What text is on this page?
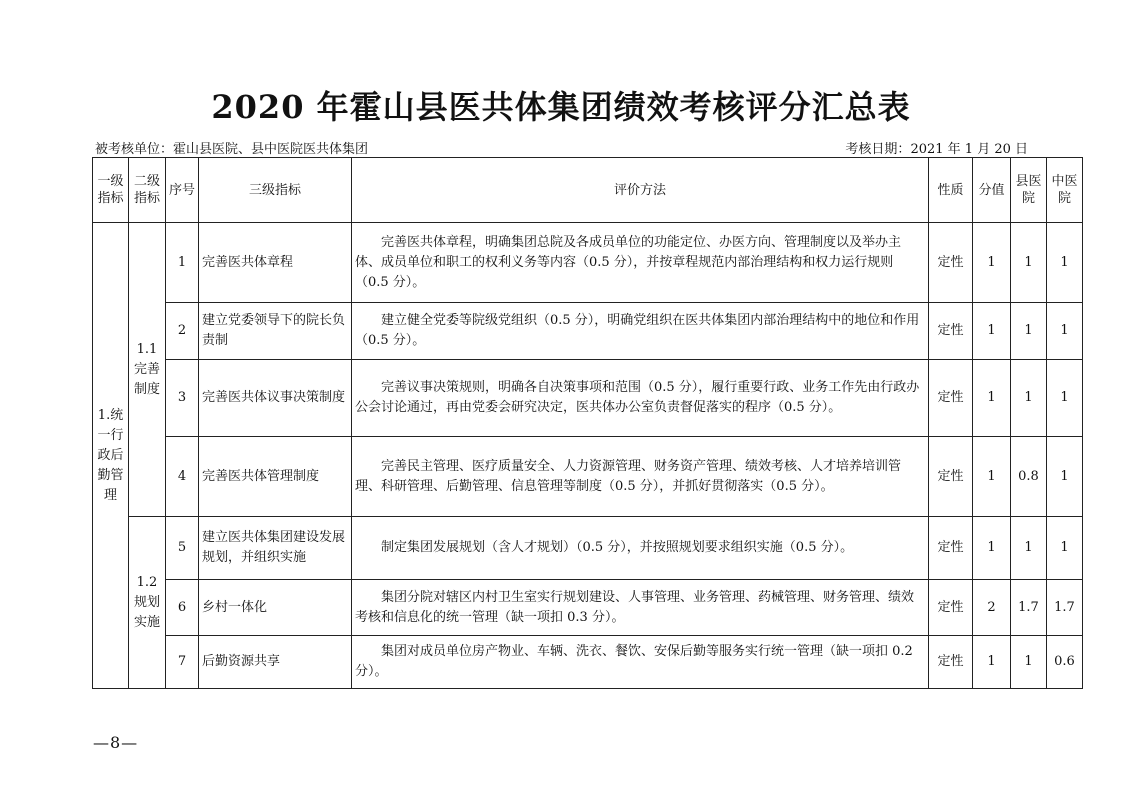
2020 年霍山县医共体集团绩效考核评分汇总表
被考核单位：霍山县医院、县中医院医共体集团	考核日期：2021 年 1 月 20 日
一级指标	二级指标	序号	三级指标	评价方法	性质	分值	县医院	中医院
1.统一行政后勤管理	1.1 完善制度	1	完善医共体章程	完善医共体章程，明确集团总院及各成员单位的功能定位、办医方向、管理制度以及举办主体、成员单位和职工的权利义务等内容（0.5 分），并按章程规范内部治理结构和权力运行规则（0.5 分）。	定性	1	1	1
		2	建立党委领导下的院长负责制	建立健全党委等院级党组织（0.5 分），明确党组织在医共体集团内部治理结构中的地位和作用（0.5 分）。	定性	1	1	1
		3	完善医共体议事决策制度	完善议事决策规则，明确各自决策事项和范围（0.5 分），履行重要行政、业务工作先由行政办公会讨论通过，再由党委会研究决定，医共体办公室负责督促落实的程序（0.5 分）。	定性	1	1	1
		4	完善医共体管理制度	完善民主管理、医疗质量安全、人力资源管理、财务资产管理、绩效考核、人才培养培训管理、科研管理、后勤管理、信息管理等制度（0.5 分），并抓好贯彻落实（0.5 分）。	定性	1	0.8	1
	1.2 规划实施	5	建立医共体集团建设发展规划，并组织实施	制定集团发展规划（含人才规划）（0.5 分），并按照规划要求组织实施（0.5 分）。	定性	1	1	1
		6	乡村一体化	集团分院对辖区内村卫生室实行规划建设、人事管理、业务管理、药械管理、财务管理、绩效考核和信息化的统一管理（缺一项扣 0.3 分）。	定性	2	1.7	1.7
		7	后勤资源共享	集团对成员单位房产物业、车辆、洗衣、餐饮、安保后勤等服务实行统一管理（缺一项扣 0.2 分）。	定性	1	1	0.6
—8—
